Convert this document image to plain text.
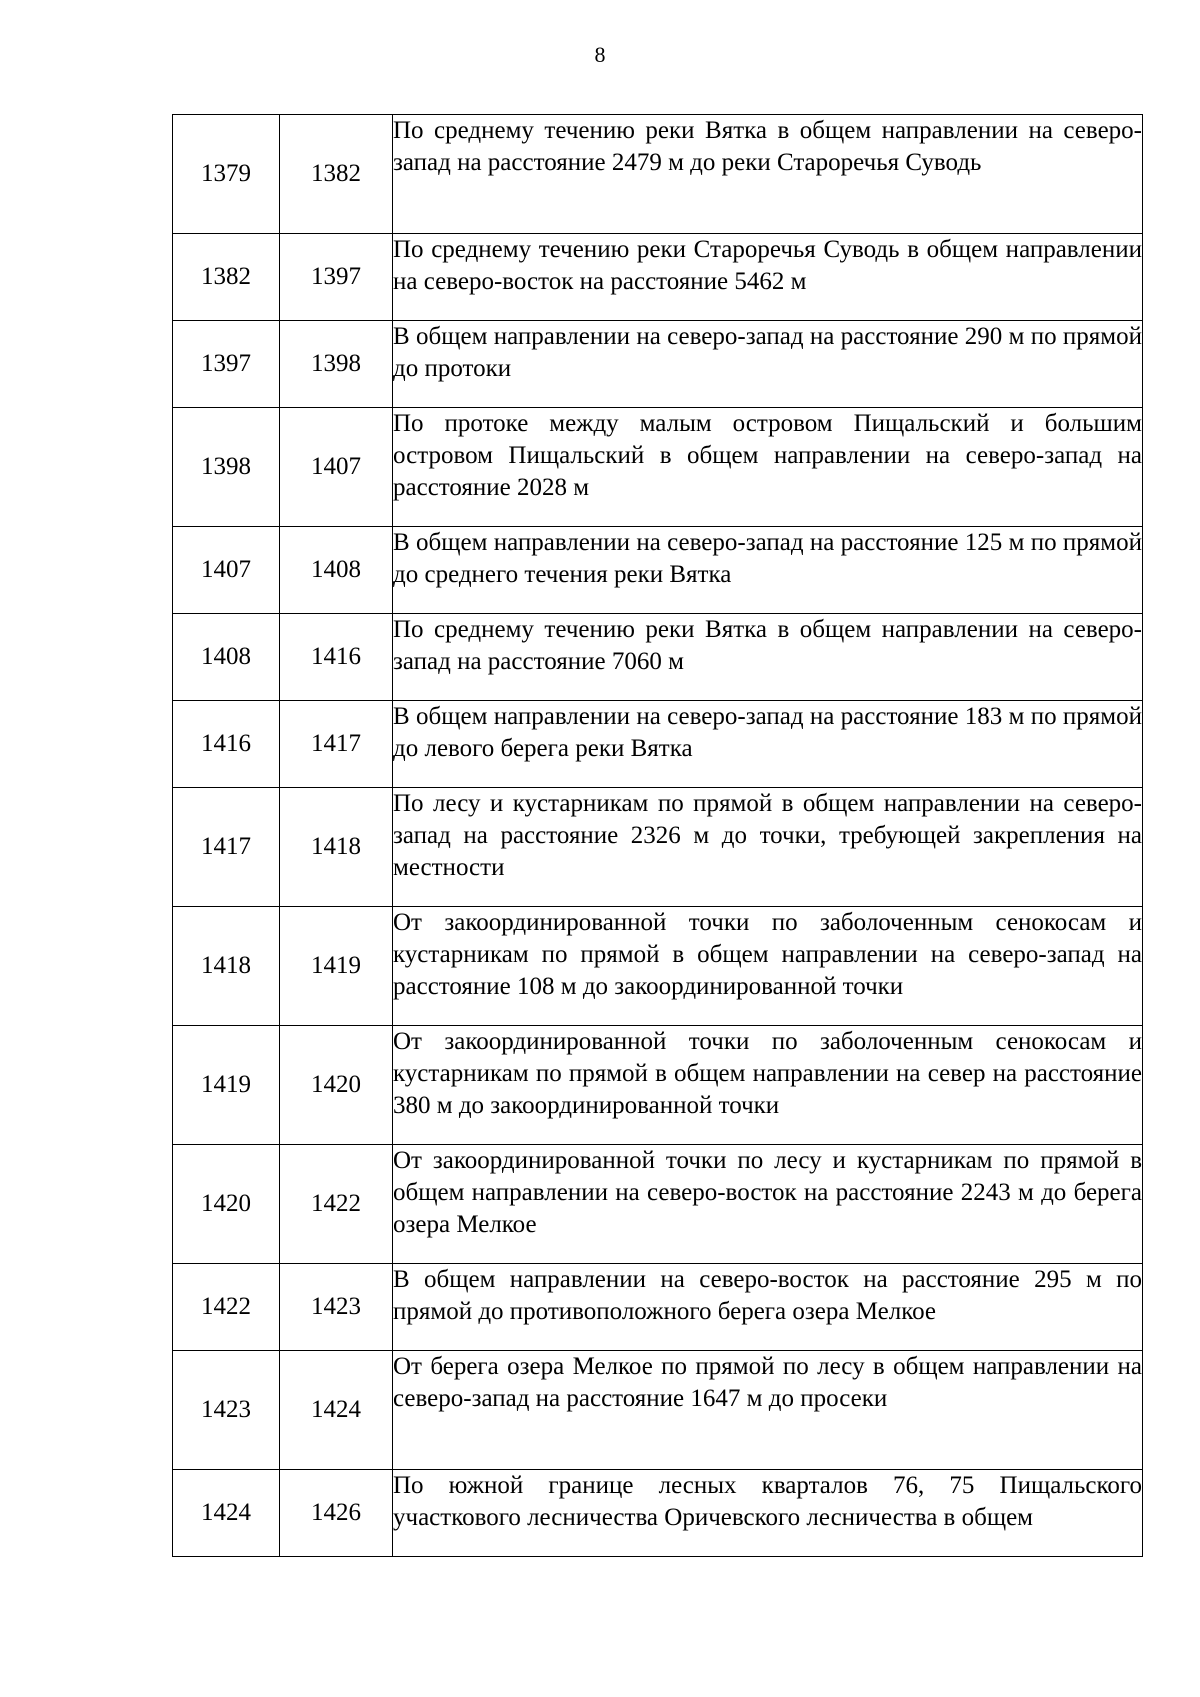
8
1379	1382	По среднему течению реки Вятка в общем направлении на северо-запад на расстояние 2479 м до реки Староречья Суводь
1382	1397	По среднему течению реки Староречья Суводь в общем направлении на северо-восток на расстояние 5462 м
1397	1398	В общем направлении на северо-запад на расстояние 290 м по прямой до протоки
1398	1407	По протоке между малым островом Пищальский и большим островом Пищальский в общем направлении на северо-запад на расстояние 2028 м
1407	1408	В общем направлении на северо-запад на расстояние 125 м по прямой до среднего течения реки Вятка
1408	1416	По среднему течению реки Вятка в общем направлении на северо-запад на расстояние 7060 м
1416	1417	В общем направлении на северо-запад на расстояние 183 м по прямой до левого берега реки Вятка
1417	1418	По лесу и кустарникам по прямой в общем направлении на северо-запад на расстояние 2326 м до точки, требующей закрепления на местности
1418	1419	От закоординированной точки по заболоченным сенокосам и кустарникам по прямой в общем направлении на северо-запад на расстояние 108 м до закоординированной точки
1419	1420	От закоординированной точки по заболоченным сенокосам и кустарникам по прямой в общем направлении на север на расстояние 380 м до закоординированной точки
1420	1422	От закоординированной точки по лесу и кустарникам по прямой в общем направлении на северо-восток на расстояние 2243 м до берега озера Мелкое
1422	1423	В общем направлении на северо-восток на расстояние 295 м по прямой до противоположного берега озера Мелкое
1423	1424	От берега озера Мелкое по прямой по лесу в общем направлении на северо-запад на расстояние 1647 м до просеки
1424	1426	По южной границе лесных кварталов 76, 75 Пищальского участкового лесничества Оричевского лесничества в общем
